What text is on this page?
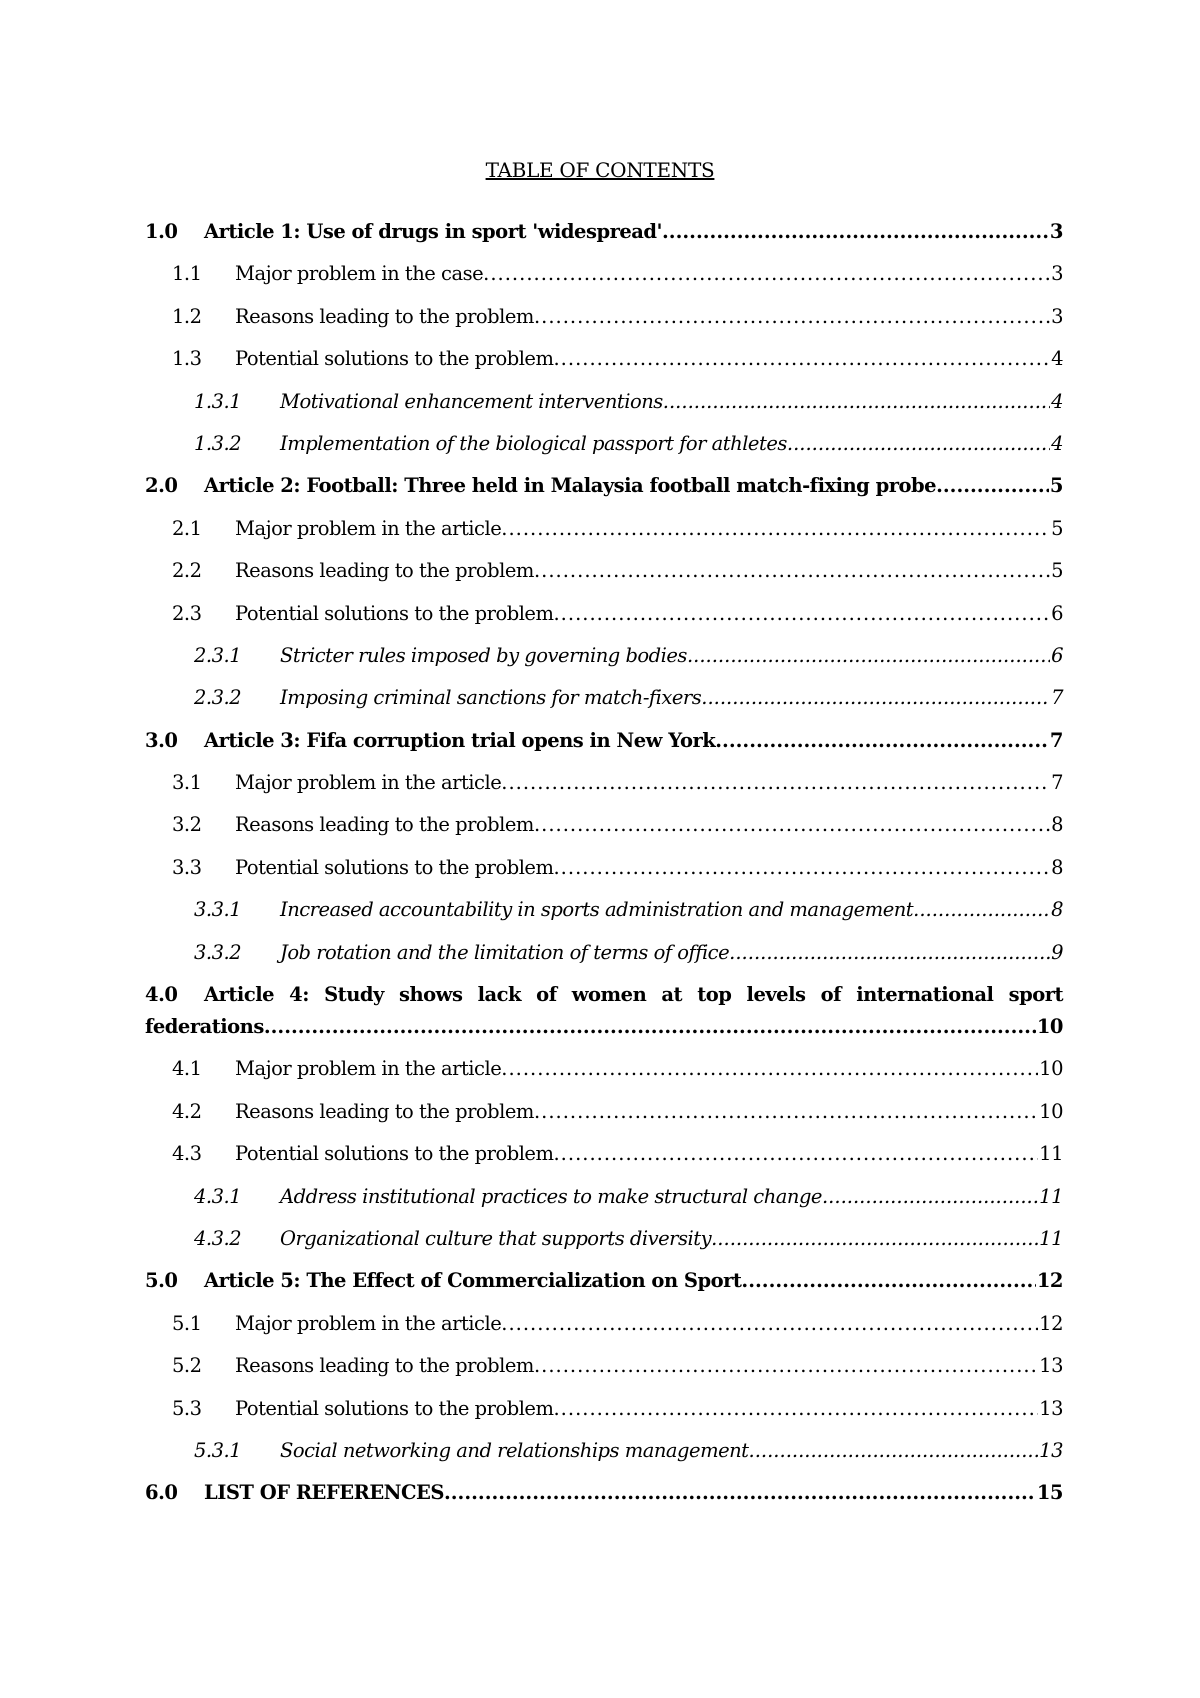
TABLE OF CONTENTS
1.0	Article 1: Use of drugs in sport 'widespread' .....	3
1.1	Major problem in the case .....	3
1.2	Reasons leading to the problem .....	3
1.3	Potential solutions to the problem .....	4
1.3.1	Motivational enhancement interventions .....	4
1.3.2	Implementation of the biological passport for athletes .....	4
2.0	Article 2: Football: Three held in Malaysia football match-fixing probe .....	5
2.1	Major problem in the article .....	5
2.2	Reasons leading to the problem .....	5
2.3	Potential solutions to the problem .....	6
2.3.1	Stricter rules imposed by governing bodies .....	6
2.3.2	Imposing criminal sanctions for match-fixers .....	7
3.0	Article 3: Fifa corruption trial opens in New York .....	7
3.1	Major problem in the article .....	7
3.2	Reasons leading to the problem .....	8
3.3	Potential solutions to the problem .....	8
3.3.1	Increased accountability in sports administration and management .....	8
3.3.2	Job rotation and the limitation of terms of office .....	9
4.0	Article 4: Study shows lack of women at top levels of international sport
federations .....	10
4.1	Major problem in the article .....	10
4.2	Reasons leading to the problem .....	10
4.3	Potential solutions to the problem .....	11
4.3.1	Address institutional practices to make structural change .....	11
4.3.2	Organizational culture that supports diversity .....	11
5.0	Article 5: The Effect of Commercialization on Sport .....	12
5.1	Major problem in the article .....	12
5.2	Reasons leading to the problem .....	13
5.3	Potential solutions to the problem .....	13
5.3.1	Social networking and relationships management .....	13
6.0	LIST OF REFERENCES .....	15
